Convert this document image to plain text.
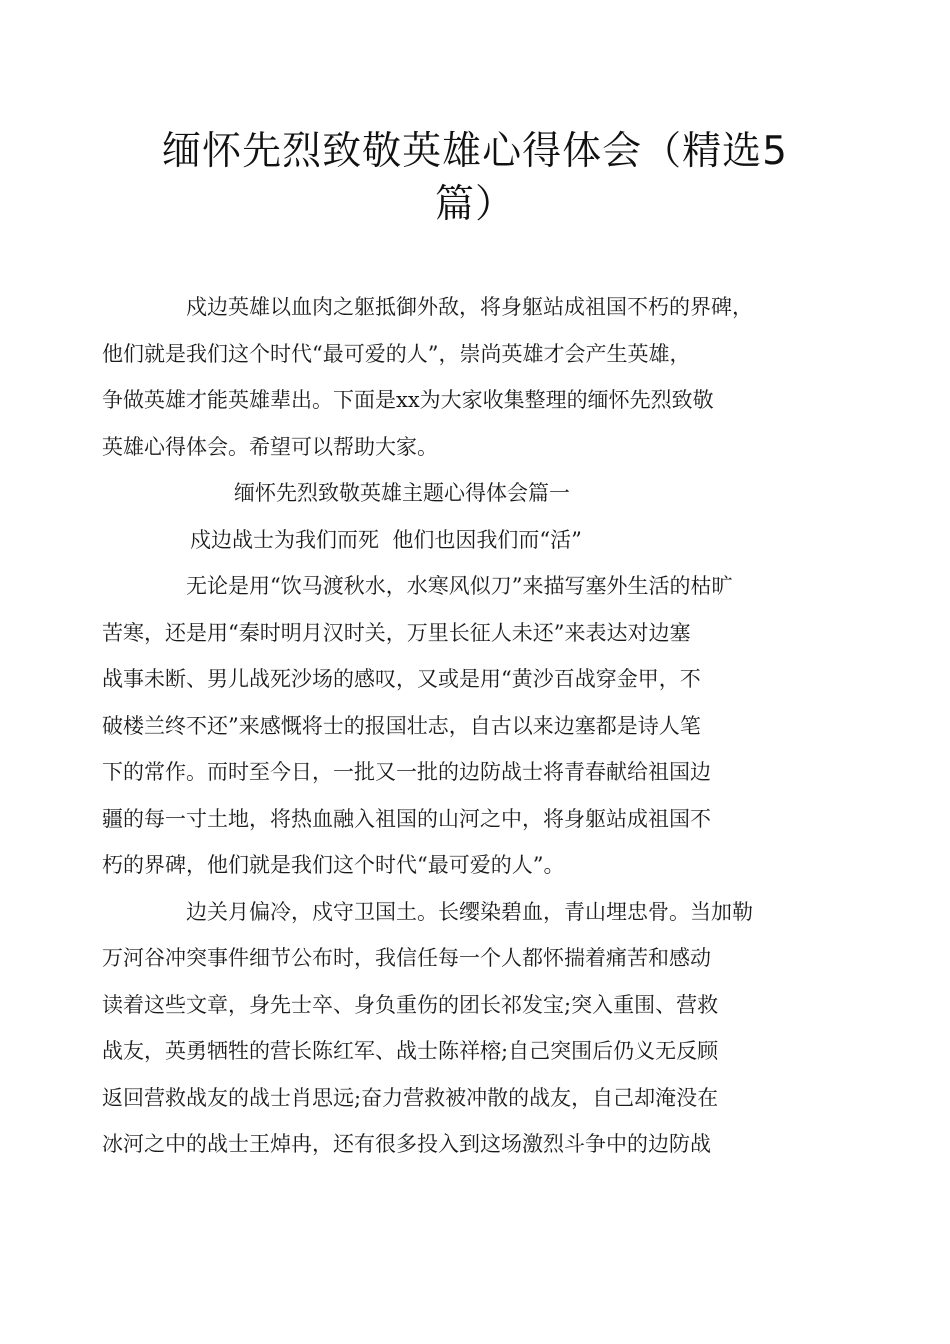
缅怀先烈致敬英雄心得体会（精选5
篇）

戍边英雄以血肉之躯抵御外敌，将身躯站成祖国不朽的界碑，
他们就是我们这个时代“最可爱的人”，崇尚英雄才会产生英雄，
争做英雄才能英雄辈出。下面是xx为大家收集整理的缅怀先烈致敬
英雄心得体会。希望可以帮助大家。

缅怀先烈致敬英雄主题心得体会篇一

戍边战士为我们而死  他们也因我们而“活”

无论是用“饮马渡秋水，水寒风似刀”来描写塞外生活的枯旷
苦寒，还是用“秦时明月汉时关，万里长征人未还”来表达对边塞
战事未断、男儿战死沙场的感叹，又或是用“黄沙百战穿金甲，不
破楼兰终不还”来感慨将士的报国壮志，自古以来边塞都是诗人笔
下的常作。而时至今日，一批又一批的边防战士将青春献给祖国边
疆的每一寸土地，将热血融入祖国的山河之中，将身躯站成祖国不
朽的界碑，他们就是我们这个时代“最可爱的人”。

边关月偏冷，戍守卫国土。长缨染碧血，青山埋忠骨。当加勒
万河谷冲突事件细节公布时，我信任每一个人都怀揣着痛苦和感动
读着这些文章，身先士卒、身负重伤的团长祁发宝;突入重围、营救
战友，英勇牺牲的营长陈红军、战士陈祥榕;自己突围后仍义无反顾
返回营救战友的战士肖思远;奋力营救被冲散的战友，自己却淹没在
冰河之中的战士王焯冉，还有很多投入到这场激烈斗争中的边防战
